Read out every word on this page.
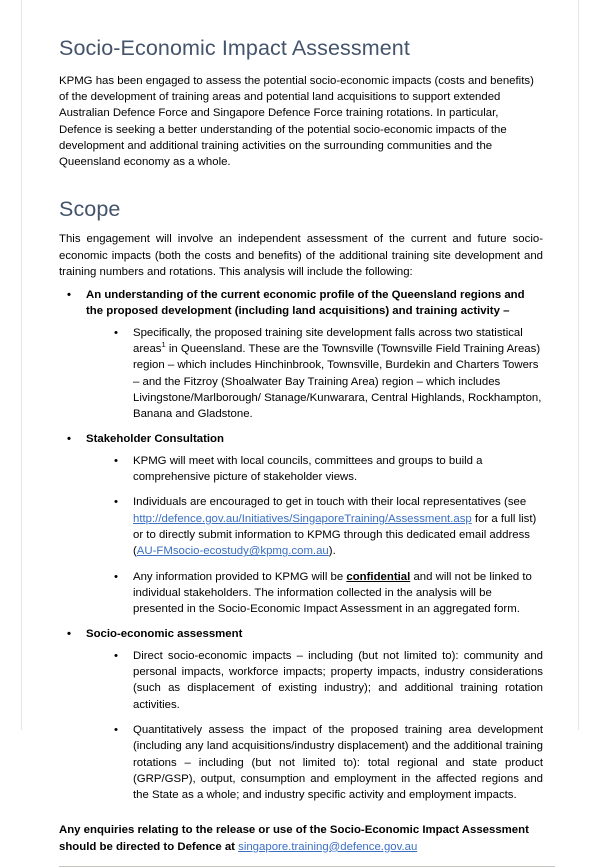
Socio-Economic Impact Assessment

KPMG has been engaged to assess the potential socio-economic impacts (costs and benefits) of the development of training areas and potential land acquisitions to support extended Australian Defence Force and Singapore Defence Force training rotations. In particular, Defence is seeking a better understanding of the potential socio-economic impacts of the development and additional training activities on the surrounding communities and the Queensland economy as a whole.

Scope

This engagement will involve an independent assessment of the current and future socio-economic impacts (both the costs and benefits) of the additional training site development and training numbers and rotations. This analysis will include the following:

• An understanding of the current economic profile of the Queensland regions and the proposed development (including land acquisitions) and training activity –
• Specifically, the proposed training site development falls across two statistical areas$^1$ in Queensland. These are the Townsville (Townsville Field Training Areas) region – which includes Hinchinbrook, Townsville, Burdekin and Charters Towers – and the Fitzroy (Shoalwater Bay Training Area) region – which includes Livingstone/Marlborough/ Stanage/Kunwarara, Central Highlands, Rockhampton, Banana and Gladstone.
• Stakeholder Consultation
• KPMG will meet with local councils, committees and groups to build a comprehensive picture of stakeholder views.
• Individuals are encouraged to get in touch with their local representatives (see http://defence.gov.au/Initiatives/SingaporeTraining/Assessment.asp for a full list) or to directly submit information to KPMG through this dedicated email address (AU-FMsocio-ecostudy@kpmg.com.au).
• Any information provided to KPMG will be confidential and will not be linked to individual stakeholders. The information collected in the analysis will be presented in the Socio-Economic Impact Assessment in an aggregated form.
• Socio-economic assessment
• Direct socio-economic impacts – including (but not limited to): community and personal impacts, workforce impacts; property impacts, industry considerations (such as displacement of existing industry); and additional training rotation activities.
• Quantitatively assess the impact of the proposed training area development (including any land acquisitions/industry displacement) and the additional training rotations – including (but not limited to): total regional and state product (GRP/GSP), output, consumption and employment in the affected regions and the State as a whole; and industry specific activity and employment impacts.

Any enquiries relating to the release or use of the Socio-Economic Impact Assessment should be directed to Defence at singapore.training@defence.gov.au
